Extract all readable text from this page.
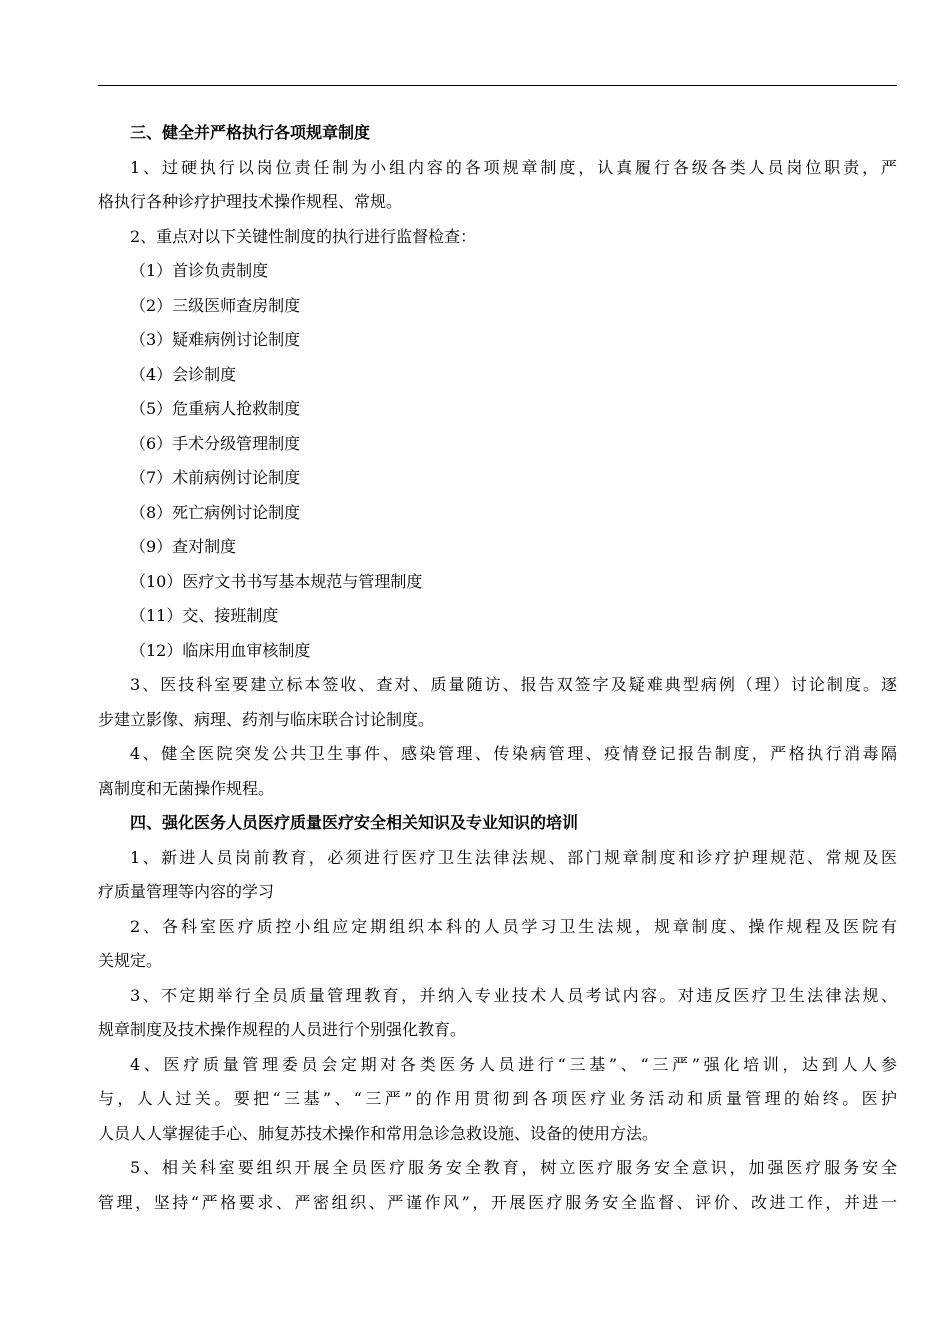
三、健全并严格执行各项规章制度
1、过硬执行以岗位责任制为小组内容的各项规章制度，认真履行各级各类人员岗位职责，严
格执行各种诊疗护理技术操作规程、常规。
2、重点对以下关键性制度的执行进行监督检查：
（1）首诊负责制度
（2）三级医师查房制度
（3）疑难病例讨论制度
（4）会诊制度
（5）危重病人抢救制度
（6）手术分级管理制度
（7）术前病例讨论制度
（8）死亡病例讨论制度
（9）查对制度
（10）医疗文书书写基本规范与管理制度
（11）交、接班制度
（12）临床用血审核制度
3、医技科室要建立标本签收、查对、质量随访、报告双签字及疑难典型病例（理）讨论制度。逐
步建立影像、病理、药剂与临床联合讨论制度。
4、健全医院突发公共卫生事件、感染管理、传染病管理、疫情登记报告制度，严格执行消毒隔
离制度和无菌操作规程。
四、强化医务人员医疗质量医疗安全相关知识及专业知识的培训
1、新进人员岗前教育，必须进行医疗卫生法律法规、部门规章制度和诊疗护理规范、常规及医
疗质量管理等内容的学习
2、各科室医疗质控小组应定期组织本科的人员学习卫生法规，规章制度、操作规程及医院有
关规定。
3、不定期举行全员质量管理教育，并纳入专业技术人员考试内容。对违反医疗卫生法律法规、
规章制度及技术操作规程的人员进行个别强化教育。
4、医疗质量管理委员会定期对各类医务人员进行“三基”、“三严”强化培训，达到人人参
与，人人过关。要把“三基”、“三严”的作用贯彻到各项医疗业务活动和质量管理的始终。医护
人员人人掌握徒手心、肺复苏技术操作和常用急诊急救设施、设备的使用方法。
5、相关科室要组织开展全员医疗服务安全教育，树立医疗服务安全意识，加强医疗服务安全
管理，坚持“严格要求、严密组织、严谨作风”，开展医疗服务安全监督、评价、改进工作，并进一
